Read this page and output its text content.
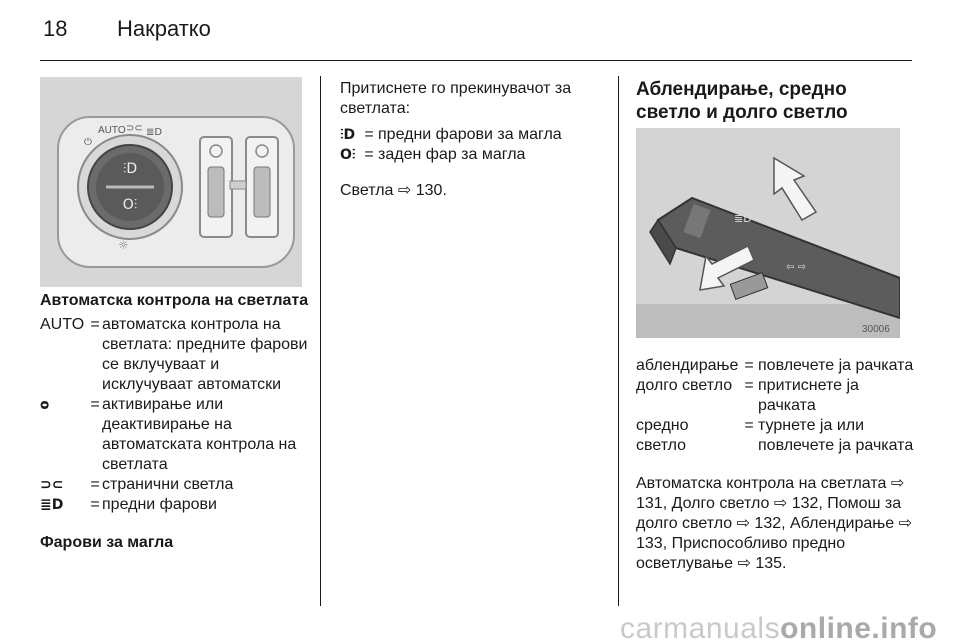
18 Накратко
⫶D
O⫶
⏻
AUTO ⊃⊂ ≣D
☼

Автоматска контрола на светлата

AUTO = автоматска контрола на светлата: предните фарови се вклучуваат и исклучуваат автоматски
ᴑ	= активирање или деактивирање на автоматската контрола на светлата
⊃⊂	= странични светла
≣D	= предни фарови

Фарови за магла

Притиснете го прекинувачот за светлата:

⫶D = предни фарови за магла
O⫶ = заден фар за магла

Светла ⇨ 130.

Аблендирање, средно светло и долго светло

≣D
⇦ ⇨
30006
аблендирање = повлечете ја рачката
долго светло = притиснете ја рачката
средно светло
= турнете ја или повлечете ја рачката

Автоматска контрола на светлата ⇨ 131, Долго светло ⇨ 132, Помош за долго светло ⇨ 132, Аблендирање ⇨ 133, Приспособливо предно осветлување ⇨ 135.

carmanualsonline.info
